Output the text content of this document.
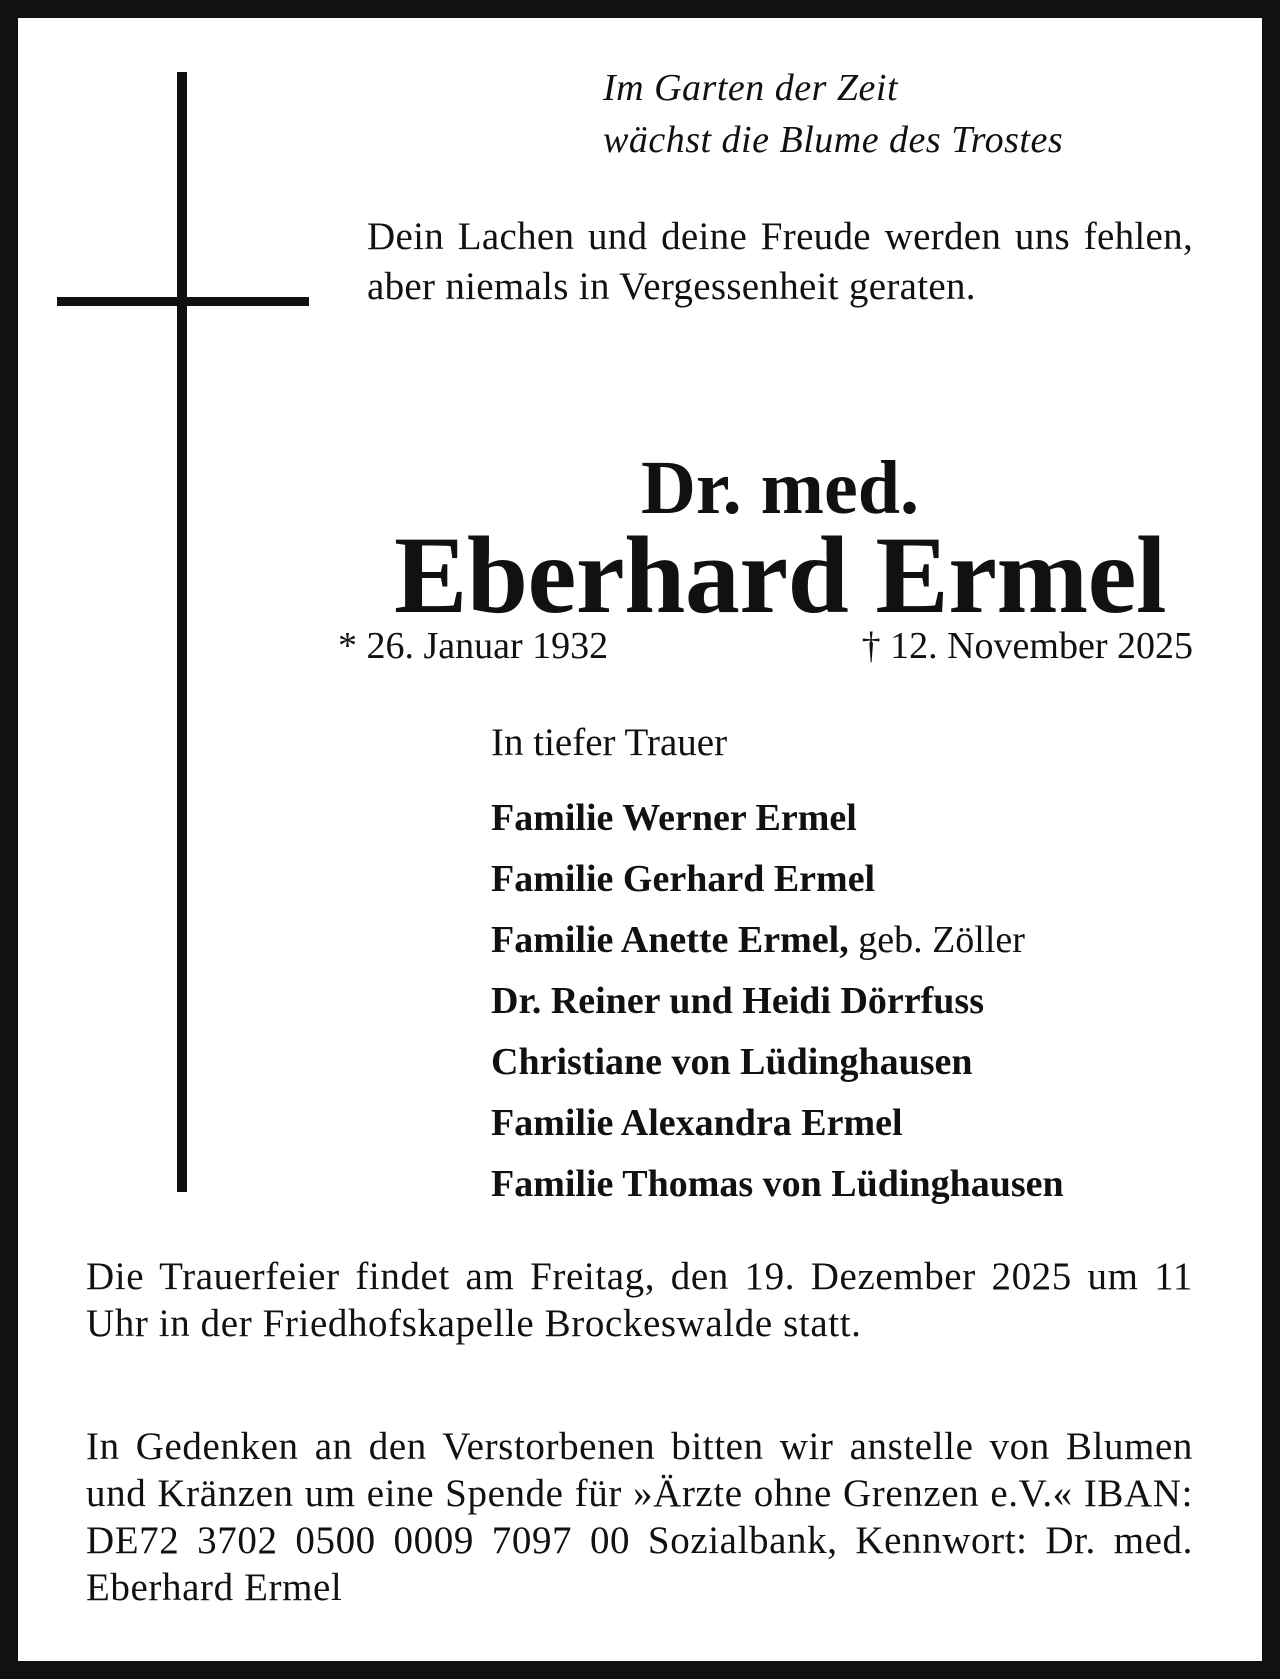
Im Garten der Zeit

wächst die Blume des Trostes

Dein Lachen und deine Freude werden uns fehlen, aber niemals in Vergessenheit geraten.

Dr. med.
Eberhard Ermel
* 26. Januar 1932	† 12. November 2025
In tiefer Trauer
Familie Werner Ermel
Familie Gerhard Ermel
Familie Anette Ermel, geb. Zöller
Dr. Reiner und Heidi Dörrfuss
Christiane von Lüdinghausen
Familie Alexandra Ermel
Familie Thomas von Lüdinghausen

Die Trauerfeier findet am Freitag, den 19. Dezember 2025 um 11 Uhr in der Friedhofskapelle Brockeswalde statt.

In Gedenken an den Verstorbenen bitten wir anstelle von Blumen und Kränzen um eine Spende für »Ärzte ohne Grenzen e.V.« IBAN: DE72 3702 0500 0009 7097 00 Sozialbank, Kennwort: Dr. med. Eberhard Ermel
